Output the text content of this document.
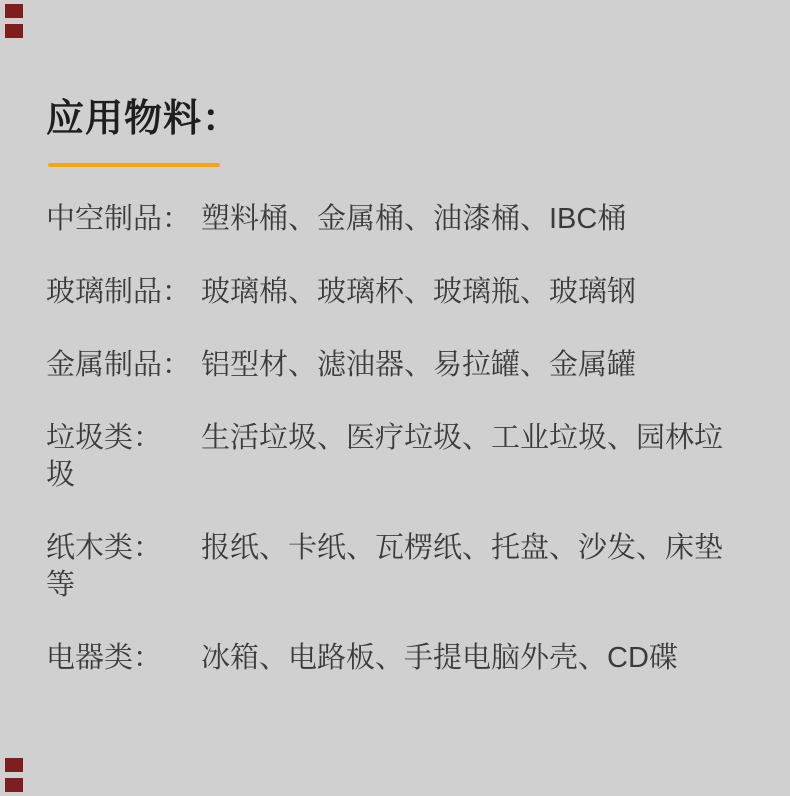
应用物料：

中空制品： 塑料桶、金属桶、油漆桶、IBC桶

玻璃制品： 玻璃棉、玻璃杯、玻璃瓶、玻璃钢

金属制品： 铝型材、滤油器、易拉罐、金属罐

垃圾类： 生活垃圾、医疗垃圾、工业垃圾、园林垃圾

纸木类： 报纸、卡纸、瓦楞纸、托盘、沙发、床垫等

电器类： 冰箱、电路板、手提电脑外壳、CD碟
